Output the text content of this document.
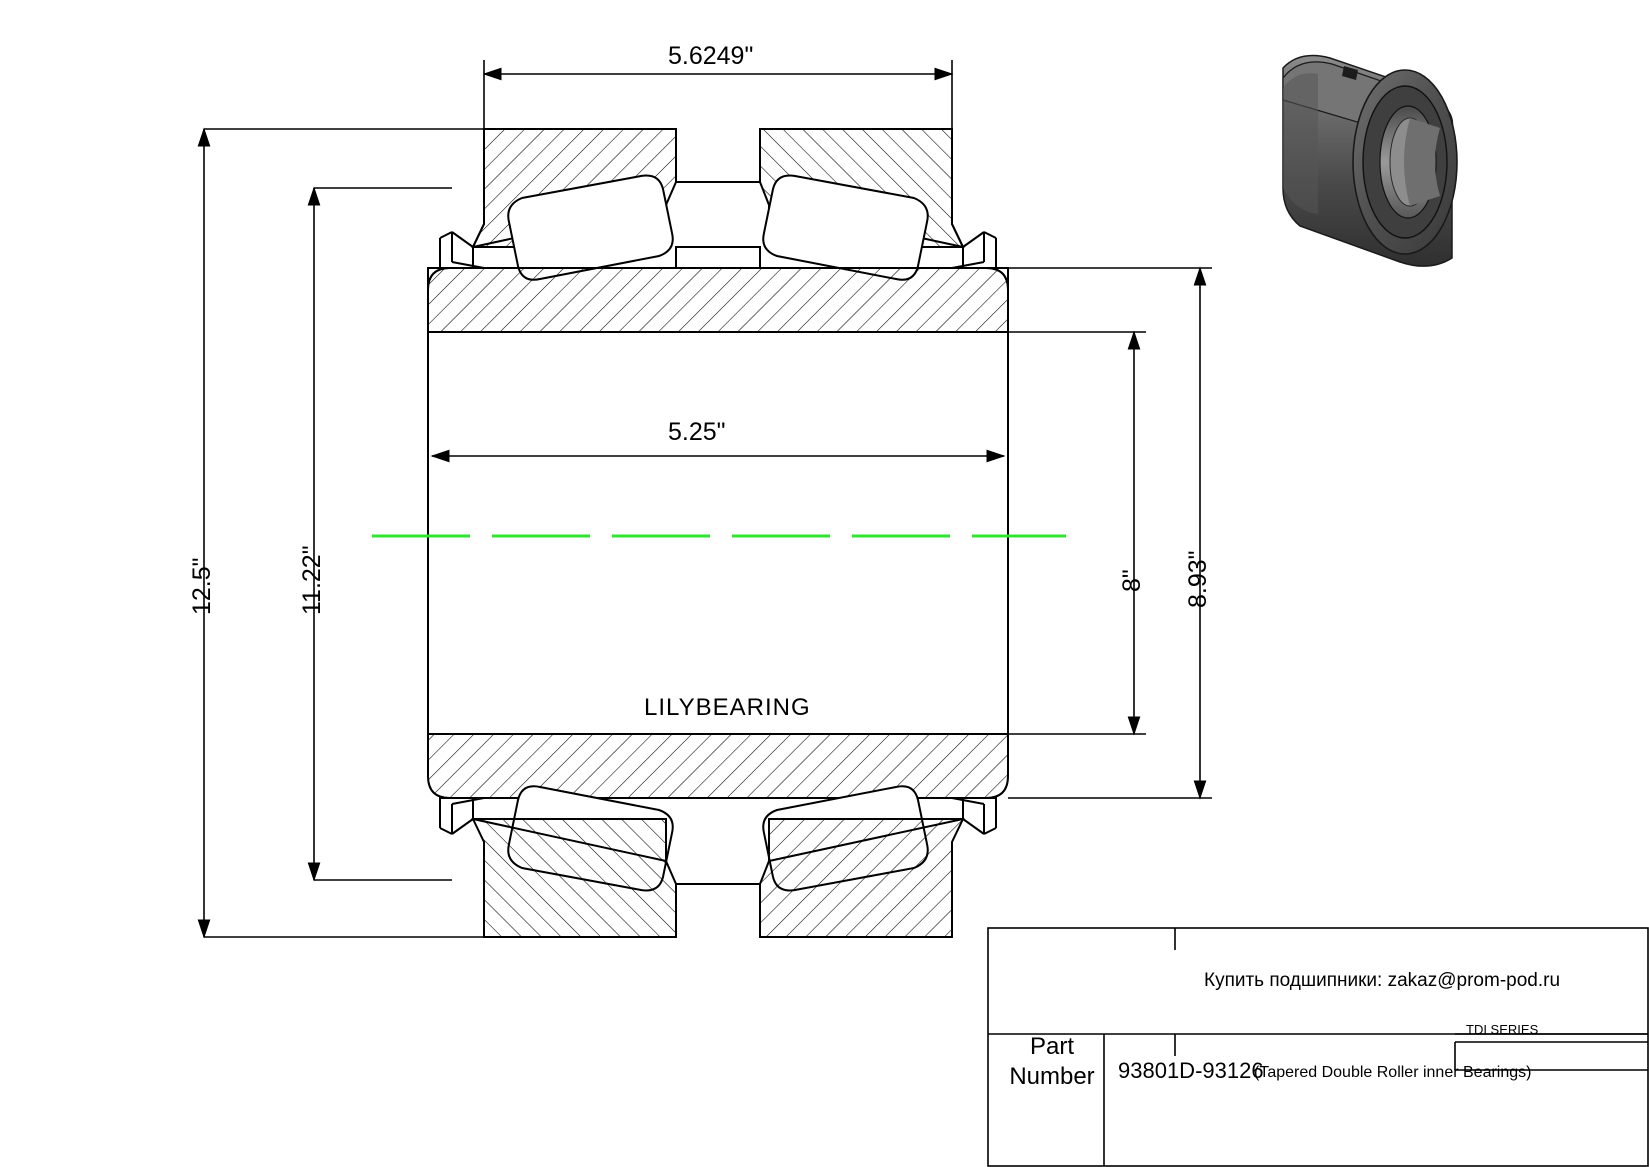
5.6249"
5.25"
12.5"	11.22"	8" 8.93"
LILYBEARING
Купить подшипники: zakaz@prom-pod.ru
Part
Number 93801D-93126
(Tapered Double Roller inner Bearings)
TDI SERIES
